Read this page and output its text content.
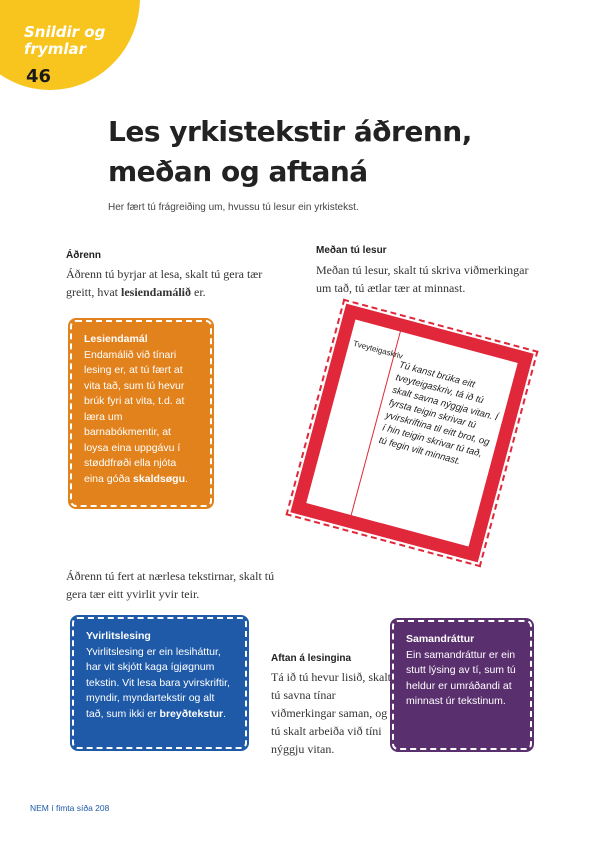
Snildir og frymlar
46
Les yrkistekstir áðrenn,
meðan og aftaná
Her fært tú frágreiðing um, hvussu tú lesur ein yrkistekst.
Áðrenn
Áðrenn tú byrjar at lesa, skalt tú gera tær greitt, hvat lesiendamálið er.
Meðan tú lesur
Meðan tú lesur, skalt tú skriva viðmerkingar um tað, tú ætlar tær at minnast.
Lesiendamál
Endamálið við tínari lesing er, at tú fært at vita tað, sum tú hevur brúk fyri at vita, t.d. at læra um barnabókmentir, at loysa eina uppgávu í støddfrøði ella njóta eina góða skaldsøgu.
Tveyteigaskriv
Tú kanst brúka eitt tveyteigaskriv, tá ið tú skalt savna nýggja vitan. Í fyrsta teigin skrivar tú yvirskriftina til eitt brot, og í hin teigin skrivar tú tað, tú fegin vilt minnast.
Áðrenn tú fert at nærlesa tekstirnar, skalt tú gera tær eitt yvirlit yvir teir.
Yvirlitslesing
Yvirlitslesing er ein lesiháttur, har vit skjótt kaga ígjøgnum tekstin. Vit lesa bara yvirskriftir, myndir, myndartekstir og alt tað, sum ikki er breyðtekstur.
Aftan á lesingina
Tá ið tú hevur lisið, skalt tú savna tínar viðmerkingar saman, og tú skalt arbeiða við tíni nýggju vitan.
Samandráttur
Ein samandráttur er ein stutt lýsing av tí, sum tú heldur er umráðandi at minnast úr tekstinum.
NEM í fimta síða 208
